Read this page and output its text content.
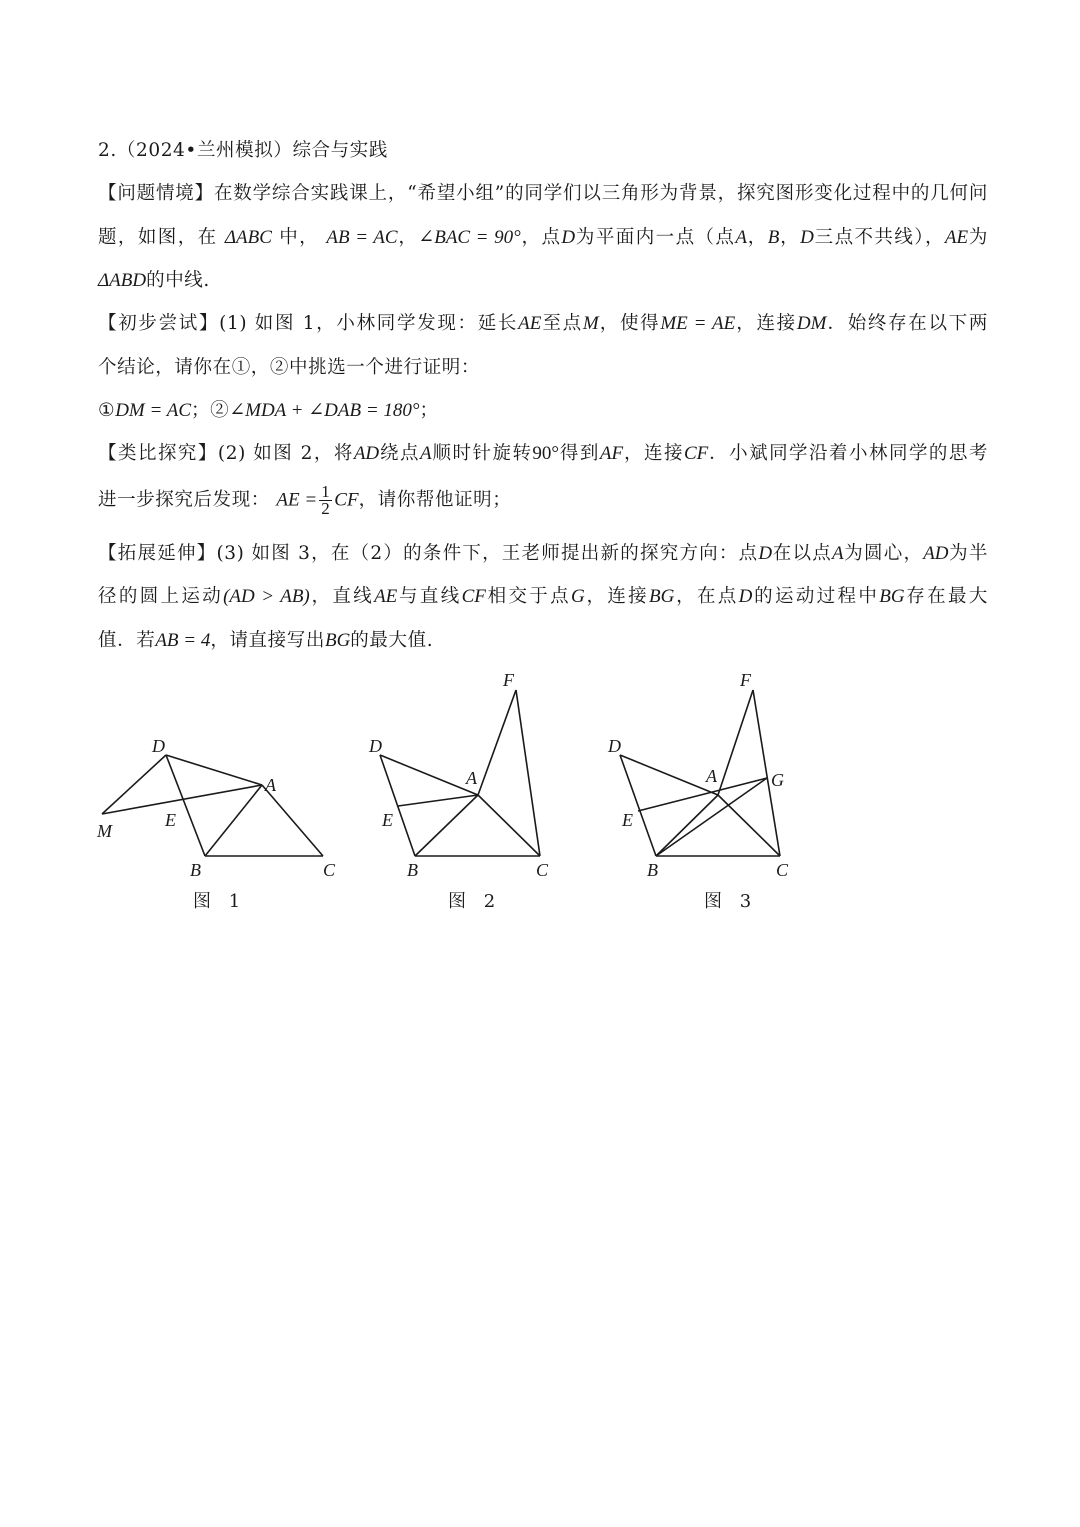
2.（2024•兰州模拟）综合与实践
【问题情境】在数学综合实践课上，“希望小组”的同学们以三角形为背景，探究图形变化过程中的几何问
题，如图，在 ΔABC 中， AB = AC，∠BAC = 90°，点D为平面内一点（点A，B，D三点不共线），AE为
ΔABD的中线.
【初步尝试】(1) 如图 1，小林同学发现：延长AE至点M，使得ME = AE，连接DM．始终存在以下两
个结论，请你在①，②中挑选一个进行证明：
①DM = AC；②∠MDA + ∠DAB = 180°；
【类比探究】(2) 如图 2，将AD绕点A顺时针旋转90°得到AF，连接CF．小斌同学沿着小林同学的思考
进一步探究后发现： AE = $\frac{1}{2}$ CF，请你帮他证明；
【拓展延伸】(3) 如图 3，在（2）的条件下，王老师提出新的探究方向：点D在以点A为圆心，AD为半
径的圆上运动(AD > AB)，直线AE与直线CF相交于点G，连接BG，在点D的运动过程中BG存在最大
值．若AB = 4，请直接写出BG的最大值.
D
A
M
E
B	C
图 1
F
D
A
E
B	C
图 2
F
D
A	G
E
B	C
图 3
